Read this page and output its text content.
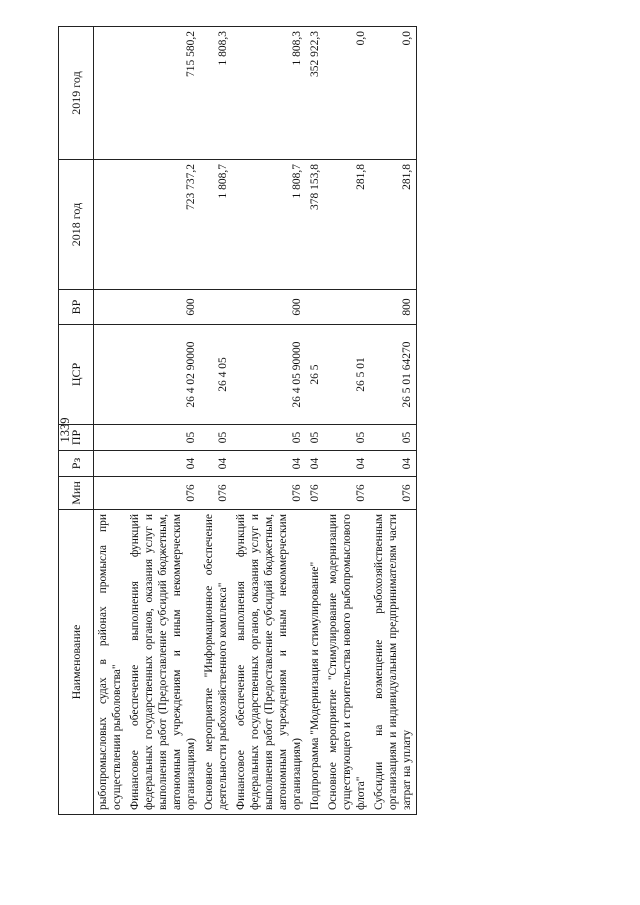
1339
Наименование	Мин	Рз	ПР	ЦСР	ВР	2018 год	2019 год
рыбопромысловых судах в районах промысла при осуществлении рыболовства"							
Финансовое обеспечение выполнения функций федеральных государственных органов, оказания услуг и выполнения работ (Предоставление субсидий бюджетным, автономным учреждениям и иным некоммерческим организациям)	076	04	05	26 4 02 90000	600	723 737,2	715 580,2
Основное мероприятие "Информационное обеспечение деятельности рыбохозяйственного комплекса"	076	04	05	26 4 05		1 808,7	1 808,3
Финансовое обеспечение выполнения функций федеральных государственных органов, оказания услуг и выполнения работ (Предоставление субсидий бюджетным, автономным учреждениям и иным некоммерческим организациям)	076	04	05	26 4 05 90000	600	1 808,7	1 808,3
Подпрограмма "Модернизация и стимулирование"	076	04	05	26 5		378 153,8	352 922,3
Основное мероприятие "Стимулирование модернизации существующего и строительства нового рыбопромыслового флота"	076	04	05	26 5 01		281,8	0,0
Субсидии на возмещение рыбохозяйственным организациям и индивидуальным предпринимателям части затрат на уплату	076	04	05	26 5 01 64270	800	281,8	0,0
